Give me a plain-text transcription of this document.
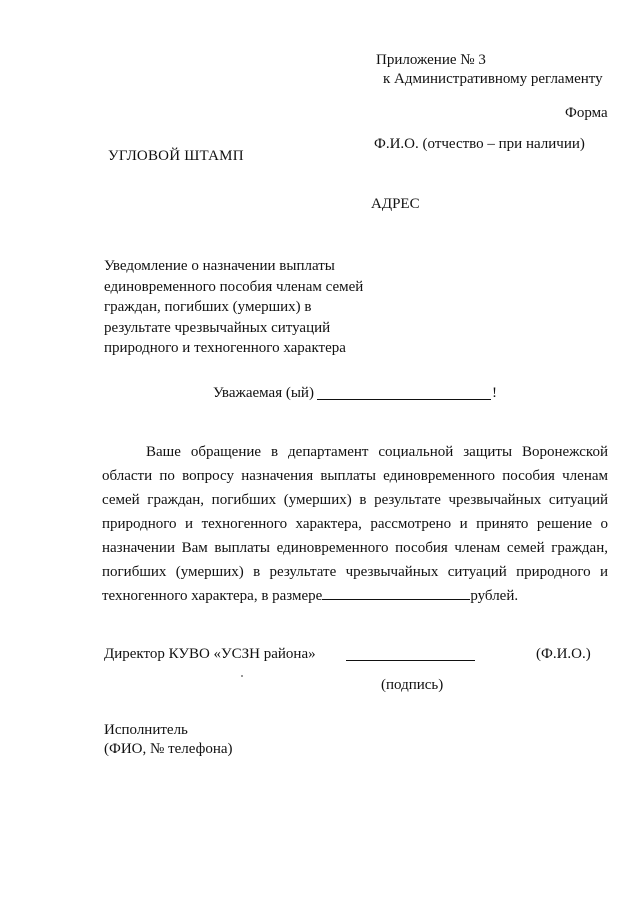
Приложение № 3
к Административному регламенту
Форма
УГЛОВОЙ ШТАМП
Ф.И.О. (отчество – при наличии)
АДРЕС
Уведомление о назначении выплаты
единовременного пособия членам семей
граждан, погибших (умерших) в
результате чрезвычайных ситуаций
природного и техногенного характера
Уважаемая (ый)	!
Ваше обращение в департамент социальной защиты Воронежской
области по вопросу назначения выплаты единовременного пособия членам
семей граждан, погибших (умерших) в результате чрезвычайных ситуаций
природного и техногенного характера, рассмотрено и принято решение о
назначении Вам выплаты единовременного пособия членам семей граждан,
погибших (умерших) в результате чрезвычайных ситуаций природного и
техногенного характера, в размере	рублей.
Директор КУВО «УСЗН района»	(Ф.И.О.)
(подпись)
Исполнитель
(ФИО, № телефона)
